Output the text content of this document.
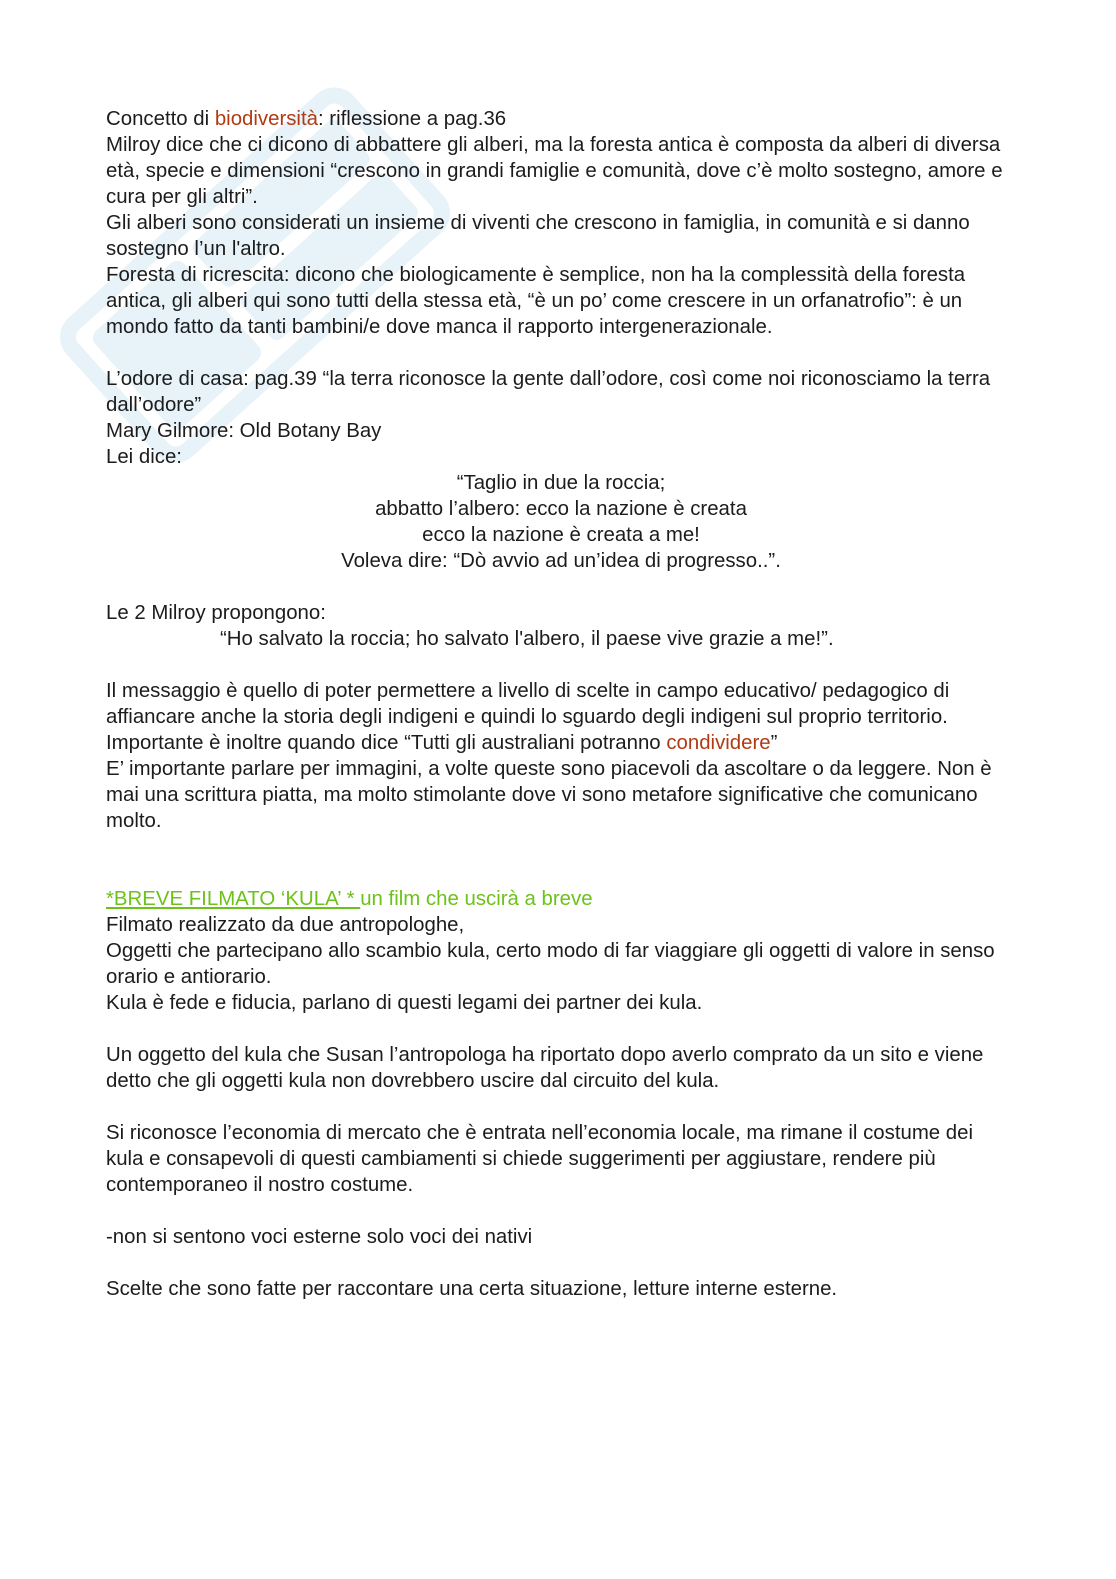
Concetto di biodiversità: riflessione a pag.36

Milroy dice che ci dicono di abbattere gli alberi, ma la foresta antica è composta da alberi di diversa età, specie e dimensioni “crescono in grandi famiglie e comunità, dove c’è molto sostegno, amore e cura per gli altri”.

Gli alberi sono considerati un insieme di viventi che crescono in famiglia, in comunità e si danno sostegno l’un l'altro.

Foresta di ricrescita: dicono che biologicamente è semplice, non ha la complessità della foresta antica, gli alberi qui sono tutti della stessa età, “è un po’ come crescere in un orfanatrofio”: è un mondo fatto da tanti bambini/e dove manca il rapporto intergenerazionale.

L’odore di casa: pag.39 “la terra riconosce la gente dall’odore, così come noi riconosciamo la terra dall’odore”

Mary Gilmore: Old Botany Bay

Lei dice:

“Taglio in due la roccia;

abbatto l’albero: ecco la nazione è creata

ecco la nazione è creata a me!

Voleva dire: “Dò avvio ad un’idea di progresso..”.

Le 2 Milroy propongono:

“Ho salvato la roccia; ho salvato l'albero, il paese vive grazie a me!”.

Il messaggio è quello di poter permettere a livello di scelte in campo educativo/ pedagogico di affiancare anche la storia degli indigeni e quindi lo sguardo degli indigeni sul proprio territorio.

Importante è inoltre quando dice “Tutti gli australiani potranno condividere”

E’ importante parlare per immagini, a volte queste sono piacevoli da ascoltare o da leggere. Non è mai una scrittura piatta, ma molto stimolante dove vi sono metafore significative che comunicano molto.

*BREVE FILMATO ‘KULA’ * un film che uscirà a breve

Filmato realizzato da due antropologhe,

Oggetti che partecipano allo scambio kula, certo modo di far viaggiare gli oggetti di valore in senso orario e antiorario.

Kula è fede e fiducia, parlano di questi legami dei partner dei kula.

Un oggetto del kula che Susan l’antropologa ha riportato dopo averlo comprato da un sito e viene detto che gli oggetti kula non dovrebbero uscire dal circuito del kula.

Si riconosce l’economia di mercato che è entrata nell’economia locale, ma rimane il costume dei kula e consapevoli di questi cambiamenti si chiede suggerimenti per aggiustare, rendere più contemporaneo il nostro costume.

-non si sentono voci esterne solo voci dei nativi

Scelte che sono fatte per raccontare una certa situazione, letture interne esterne.
